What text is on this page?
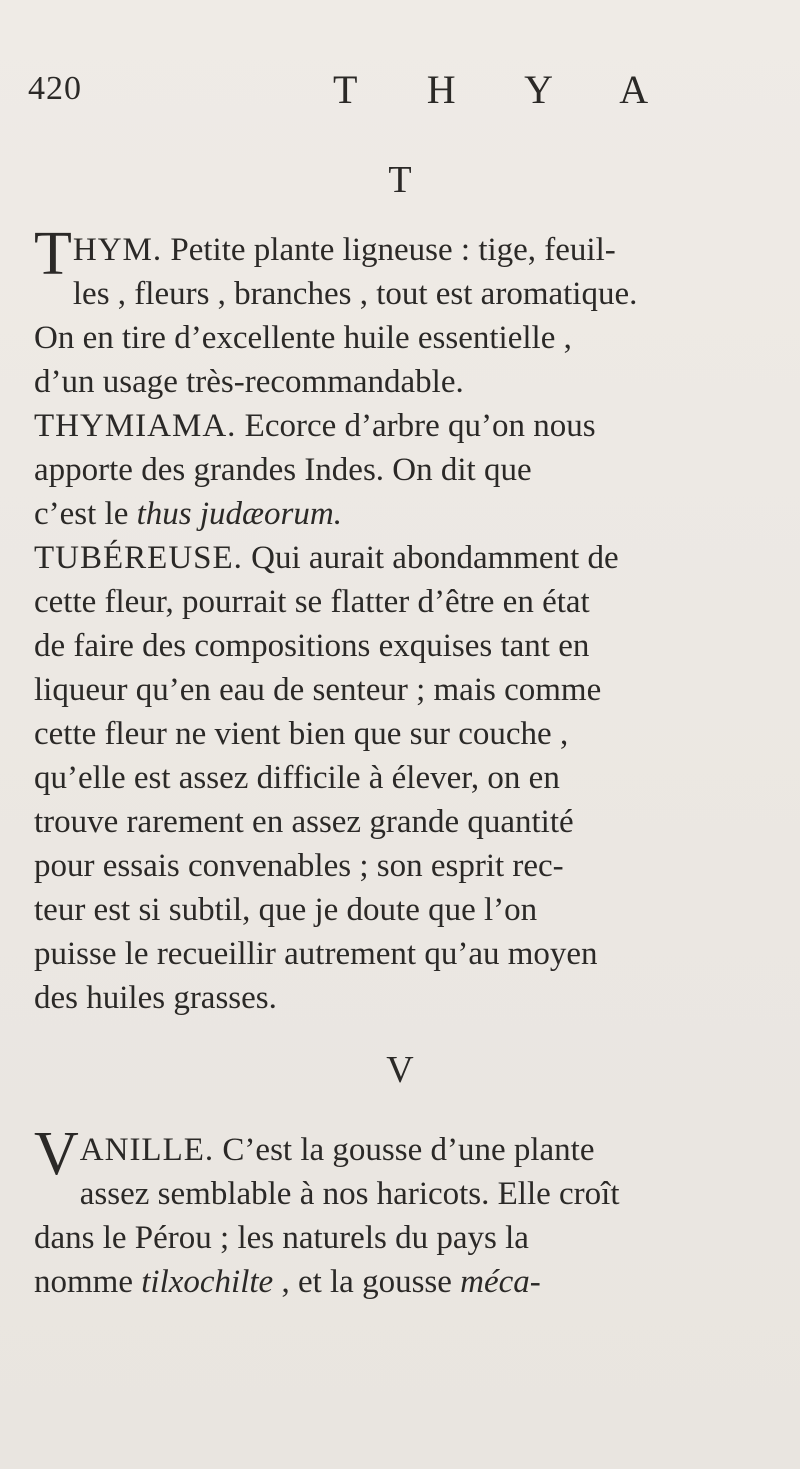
420	T H Y A
T
THYM. Petite plante ligneuse : tige, feuil-
les , fleurs , branches , tout est aromatique.
On en tire d’excellente huile essentielle ,
d’un usage très-recommandable.
THYMIAMA. Ecorce d’arbre qu’on nous
apporte des grandes Indes. On dit que
c’est le thus judæorum.
TUBÉREUSE. Qui aurait abondamment de
cette fleur, pourrait se flatter d’être en état
de faire des compositions exquises tant en
liqueur qu’en eau de senteur ; mais comme
cette fleur ne vient bien que sur couche ,
qu’elle est assez difficile à élever, on en
trouve rarement en assez grande quantité
pour essais convenables ; son esprit rec-
teur est si subtil, que je doute que l’on
puisse le recueillir autrement qu’au moyen
des huiles grasses.
V
VANILLE. C’est la gousse d’une plante
assez semblable à nos haricots. Elle croît
dans le Pérou ; les naturels du pays la
nomme tilxochilte , et la gousse méca-
